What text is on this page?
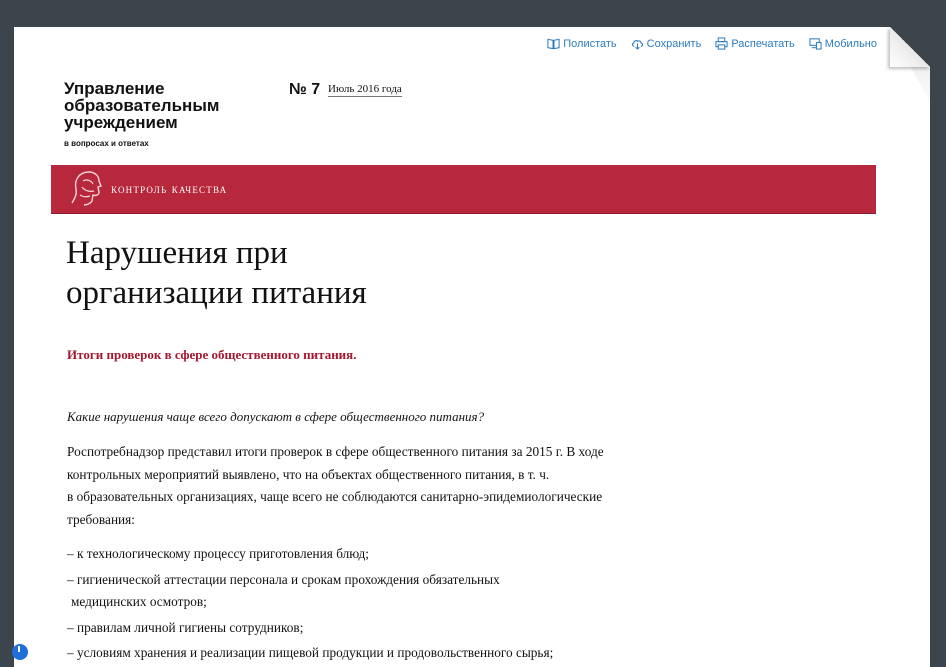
Полистать	Сохранить	Распечатать	Мобильно
Управление
образовательным
учреждением
в вопросах и ответах
№ 7 Июль 2016 года
контроль качества
Нарушения при
организации питания
Итоги проверок в сфере общественного питания.
Какие нарушения чаще всего допускают в сфере общественного питания?
Роспотребнадзор представил итоги проверок в сфере общественного питания за 2015 г. В ходе
контрольных мероприятий выявлено, что на объектах общественного питания, в т. ч.
в образовательных организациях, чаще всего не соблюдаются санитарно-эпидемиологические
требования:
– к технологическому процессу приготовления блюд;
– гигиенической аттестации персонала и срокам прохождения обязательных
медицинских осмотров;
– правилам личной гигиены сотрудников;
– условиям хранения и реализации пищевой продукции и продовольственного сырья;
